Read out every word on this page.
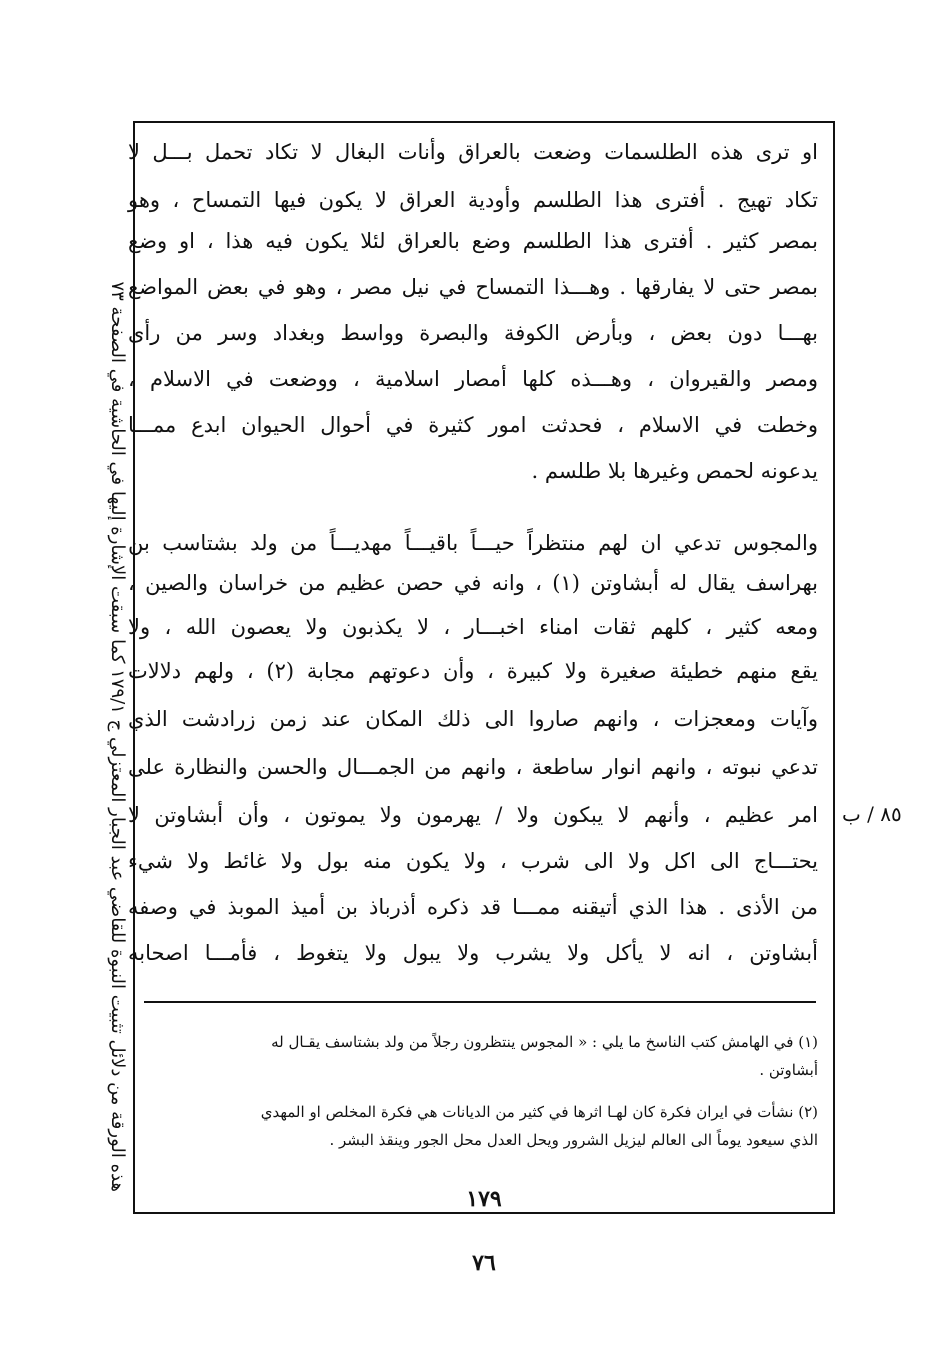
هذه الورقة من دلائل تثبيت النبوة للقاضي عبد الجبار المعتزلي ج ١٧٩/١ كما سبقت الإشارة إليها في الحاشية في الصفحة ٧٣
او ترى هذه الطلسمات وضعت بالعراق وأنات البغال لا تكاد تحمل بـــل لا
تكاد تهيج . أفترى هذا الطلسم وأودية العراق لا يكون فيها التمساح ، وهو
بمصر كثير . أفترى هذا الطلسم وضع بالعراق لئلا يكون فيه هذا ، او وضع
بمصر حتى لا يفارقها . وهـــذا التمساح في نيل مصر ، وهو في بعض المواضع
بهـــا دون بعض ، وبأرض الكوفة والبصرة وواسط وبغداد وسر من رأى
ومصر والقيروان ، وهـــذه كلها أمصار اسلامية ، ووضعت في الاسلام ،
وخطت في الاسلام ، فحدثت امور كثيرة في أحوال الحيوان ابدع ممـــا
يدعونه لحمص وغيرها بلا طلسم .
والمجوس تدعي ان لهم منتظراً حيـــاً باقيـــاً مهديـــاً من ولد بشتاسب بن
بهراسف يقال له أبشاوتن (١) ، وانه في حصن عظيم من خراسان والصين ،
ومعه كثير ، كلهم ثقات امناء اخبـــار ، لا يكذبون ولا يعصون الله ، ولا
يقع منهم خطيئة صغيرة ولا كبيرة ، وأن دعوتهم مجابة (٢) ، ولهم دلالات
وآيات ومعجزات ، وانهم صاروا الى ذلك المكان عند زمن زرادشت الذي
تدعي نبوته ، وانهم انوار ساطعة ، وانهم من الجمـــال والحسن والنظارة على
امر عظيم ، وأنهم لا يبكون ولا / يهرمون ولا يموتون ، وأن أبشاوتن لا
يحتـــاج الى اكل ولا الى شرب ، ولا يكون منه بول ولا غائط ولا شيء
من الأذى . هذا الذي أتيقنه ممـــا قد ذكره أذرباذ بن أميذ الموبذ في وصفه
أبشاوتن ، انه لا يأكل ولا يشرب ولا يبول ولا يتغوط ، فأمـــا اصحابه
٨٥ / ب
(١) في الهامش كتب الناسخ ما يلي : « المجوس ينتظرون رجلاً من ولد بشتاسف يقـال له
أبشاوتن .
(٢) نشأت في ايران فكرة كان لهـا اثرها في كثير من الديانات هي فكرة المخلص او المهدي
الذي سيعود يوماً الى العالم ليزيل الشرور ويحل العدل محل الجور وينقذ البشر .
١٧٩
٧٦
